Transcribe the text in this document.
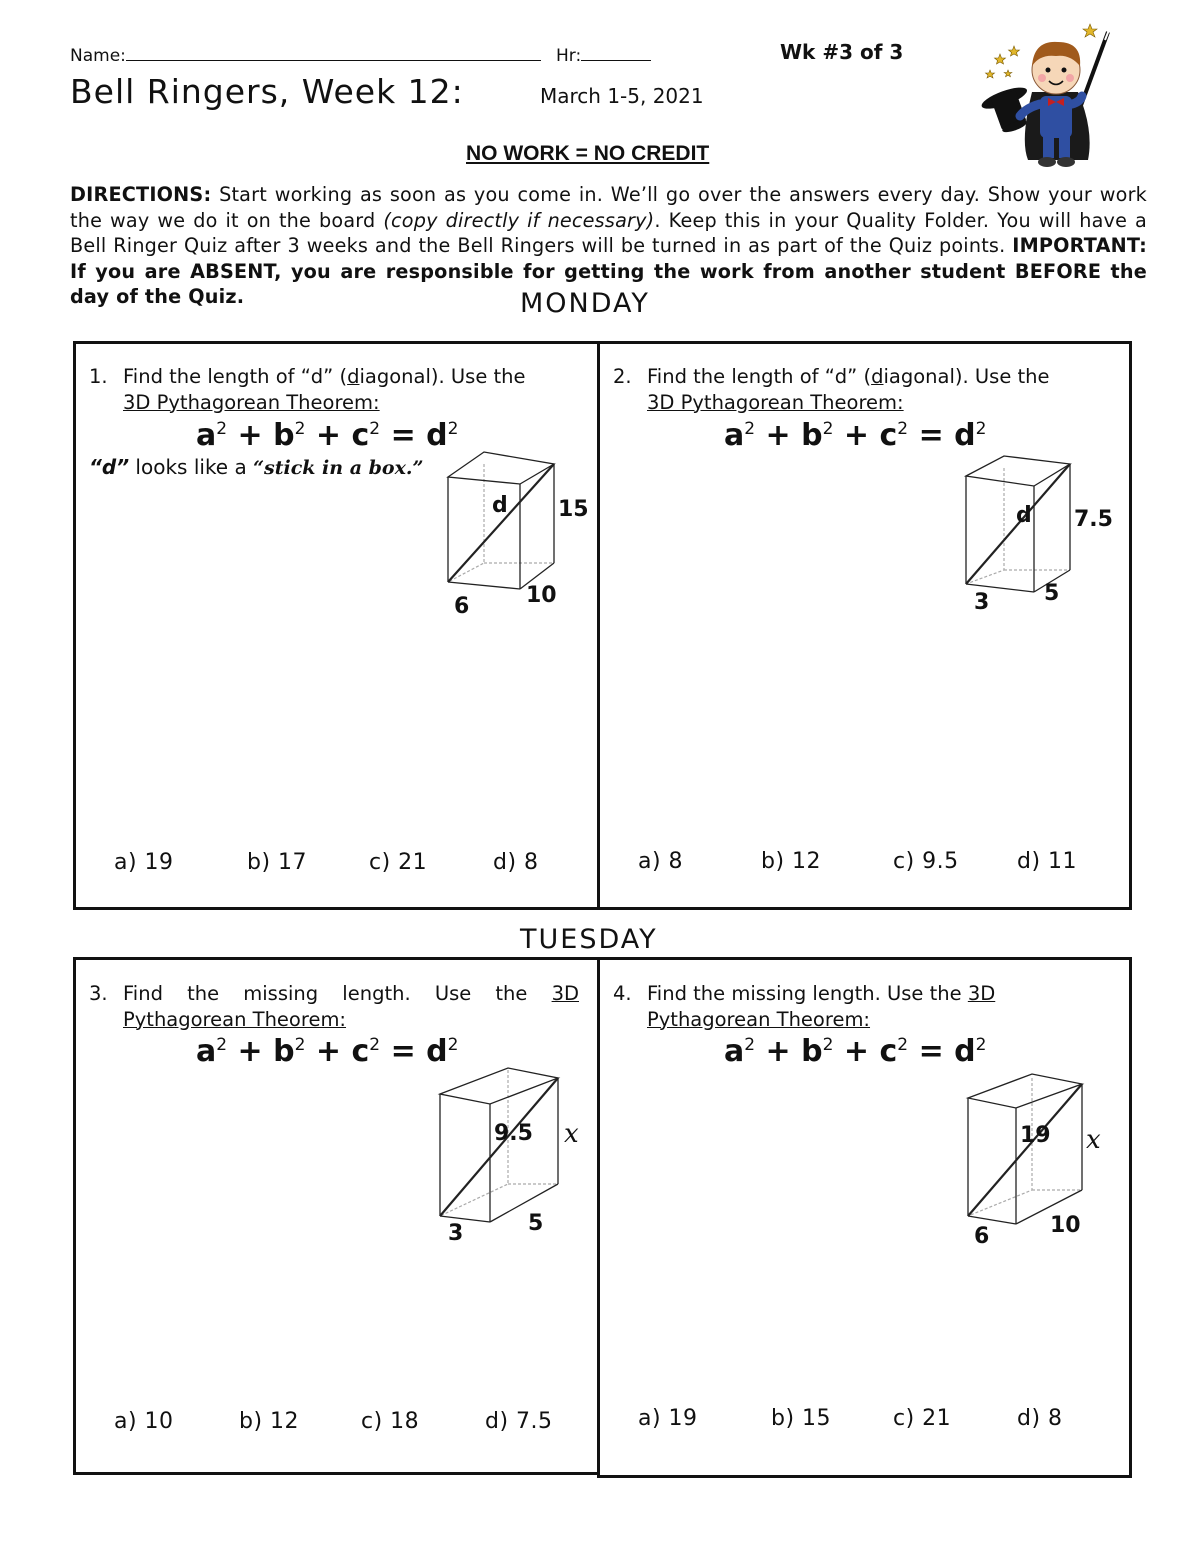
Name:	Hr:	Wk #3 of 3
Bell Ringers, Week 12:	March 1-5, 2021
NO WORK = NO CREDIT
DIRECTIONS: Start working as soon as you come in. We’ll go over the answers every day. Show your work the way we do it on the board (copy directly if necessary). Keep this in your Quality Folder. You will have a Bell Ringer Quiz after 3 weeks and the Bell Ringers will be turned in as part of the Quiz points. IMPORTANT: If you are ABSENT, you are responsible for getting the work from another student BEFORE the day of the Quiz.	MONDAY
1. Find the length of “d” (diagonal). Use the
3D Pythagorean Theorem:
$a^2 + b^2 + c^2 = d^2$
“d” looks like a “stick in a box.”
d 15
6	10
a) 19	b) 17	c) 21	d) 8
2. Find the length of “d” (diagonal). Use the
3D Pythagorean Theorem:
$a^2 + b^2 + c^2 = d^2$
d 7.5
3 5
a) 8	b) 12	c) 9.5	d) 11
TUESDAY
3. Find the missing length. Use the 3D
Pythagorean Theorem:
$a^2 + b^2 + c^2 = d^2$
9.5 x
3	5
a) 10	b) 12	c) 18	d) 7.5
4. Find the missing length. Use the 3D
Pythagorean Theorem:
$a^2 + b^2 + c^2 = d^2$
19 x
6	10
a) 19	b) 15	c) 21	d) 8
